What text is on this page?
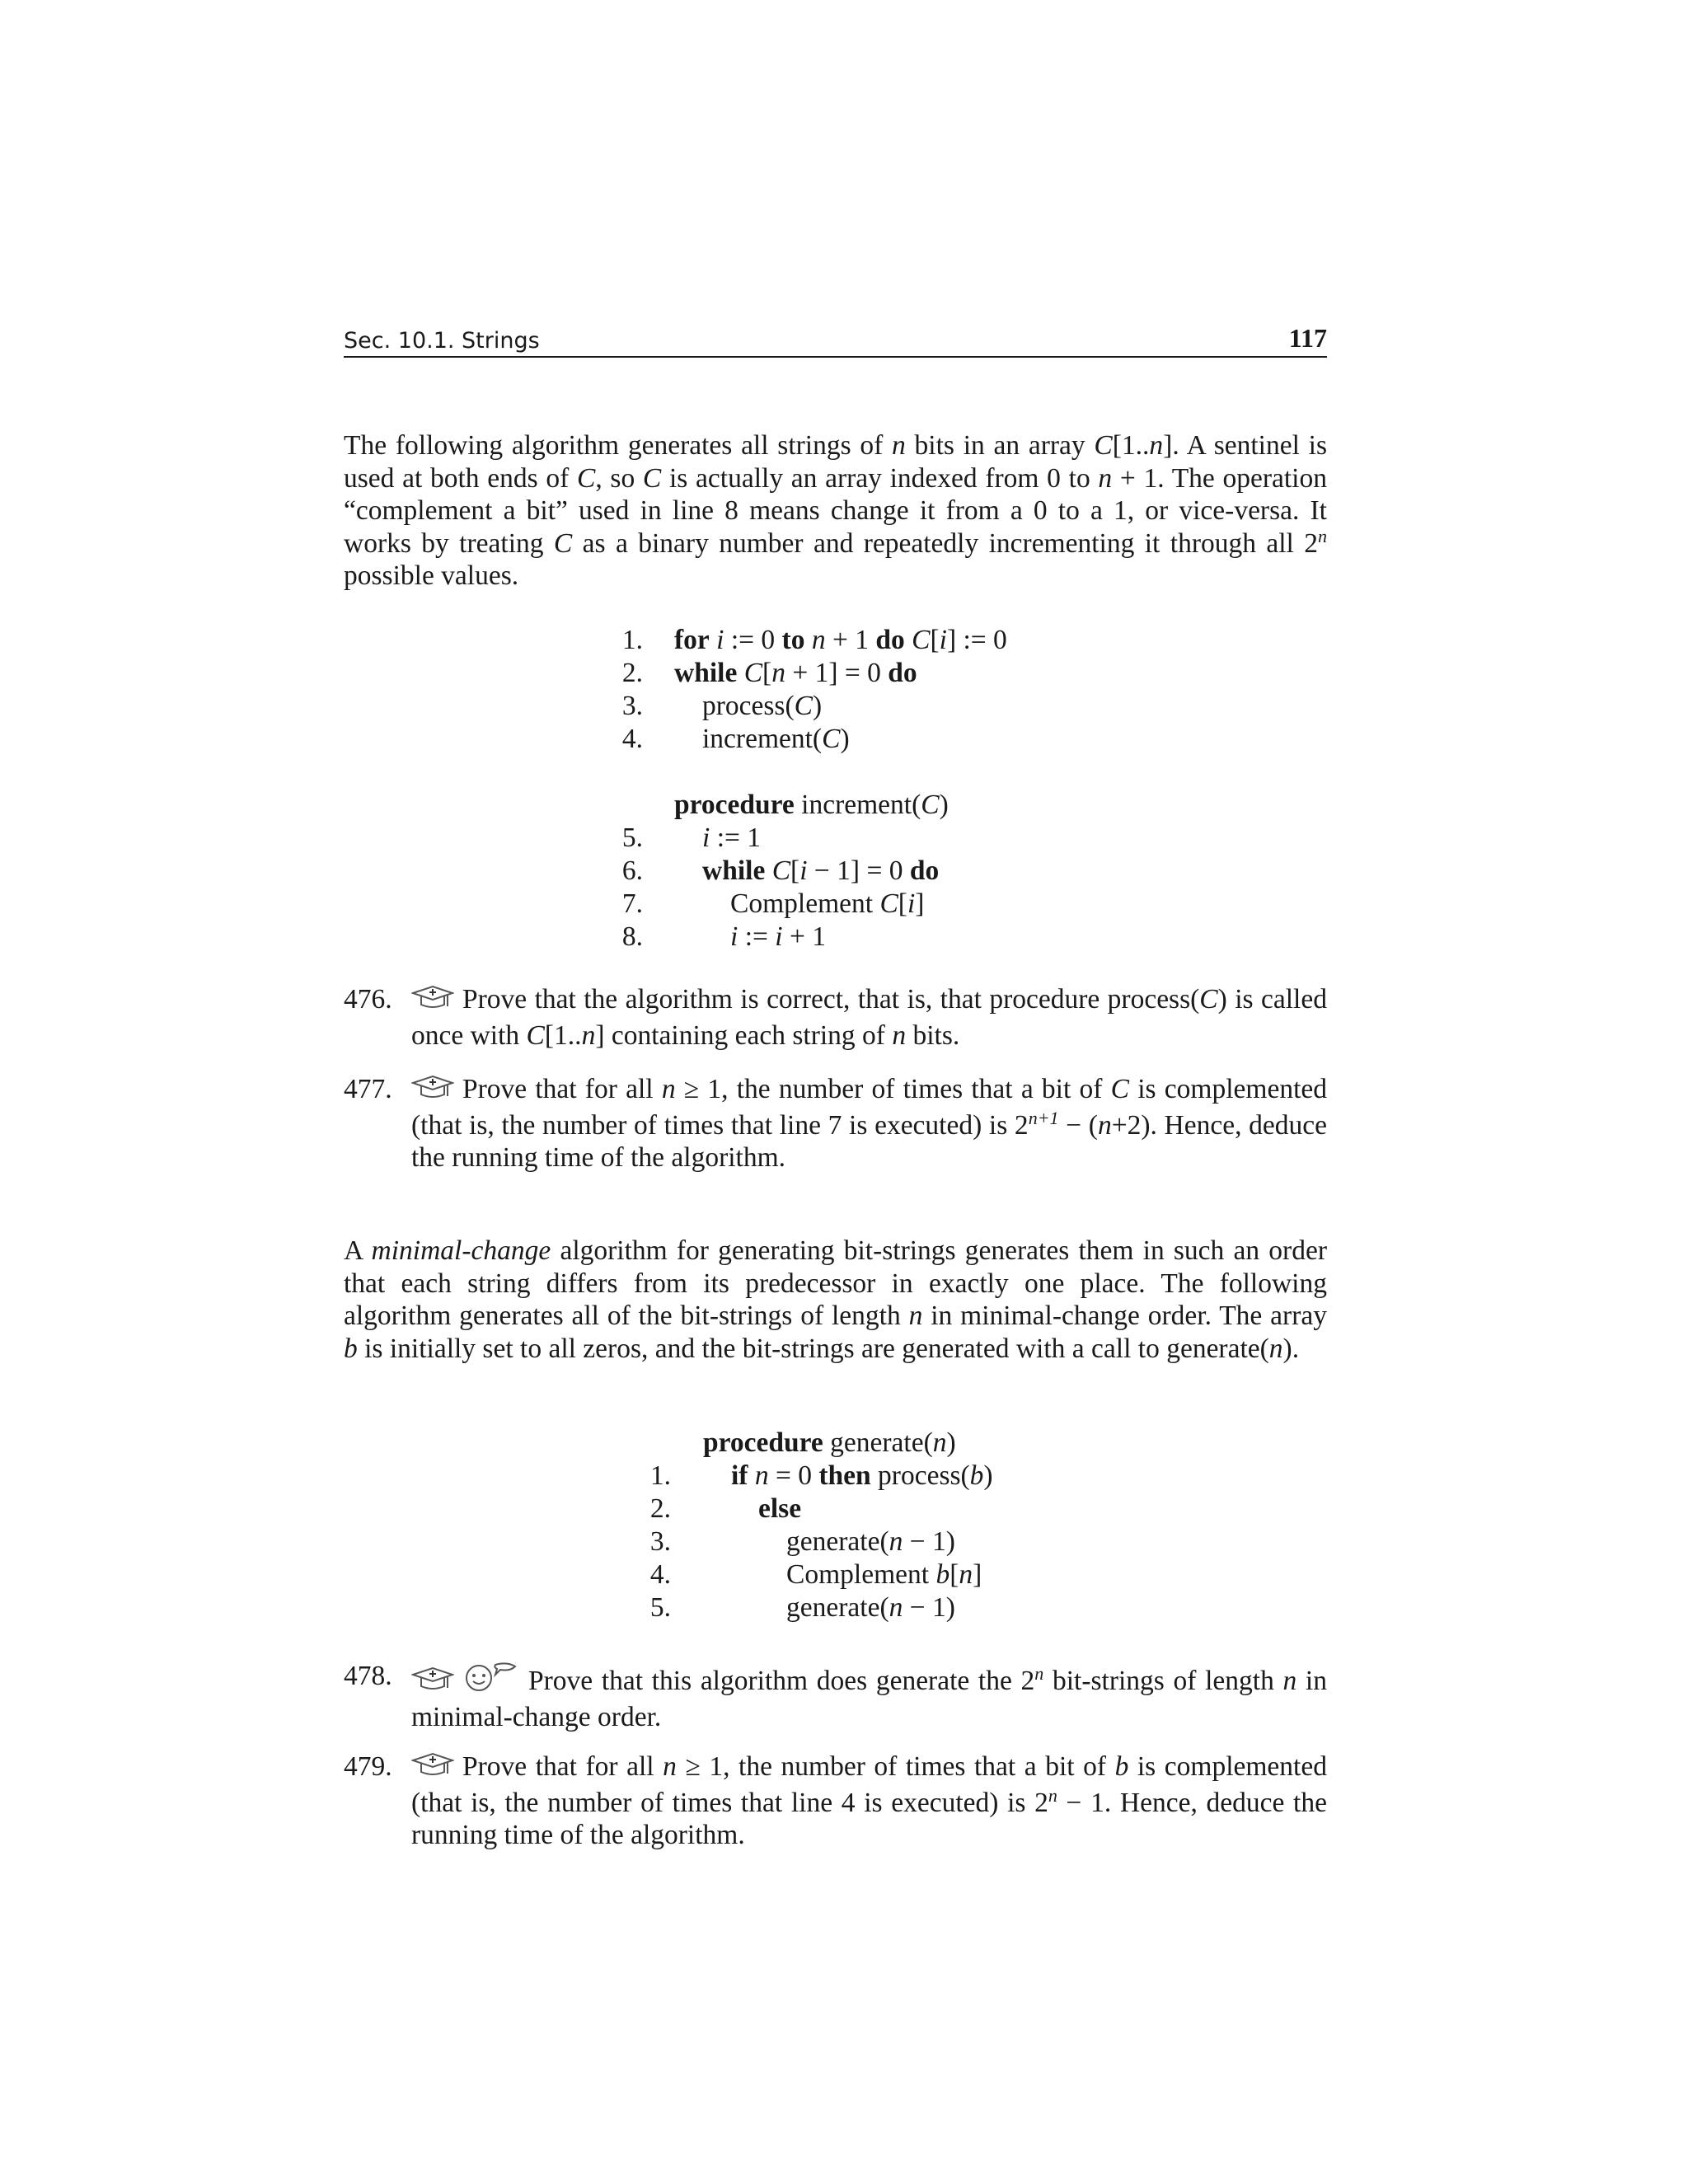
Sec. 10.1. Strings	117

The following algorithm generates all strings of n bits in an array C[1..n]. A sentinel is used at both ends of C, so C is actually an array indexed from 0 to n + 1. The operation “complement a bit” used in line 8 means change it from a 0 to a 1, or vice-versa. It works by treating C as a binary number and repeatedly incrementing it through all 2$^n$ possible values.

1. for i := 0 to n + 1 do C[i] := 0
2. while C[n + 1] = 0 do
3. process(C)
4. increment(C)
procedure increment(C)
5. i := 1
6. while C[i − 1] = 0 do
7.	Complement C[i]
8.	i := i + 1
476.	Prove that the algorithm is correct, that is, that procedure process(C) is called once with C[1..n] containing each string of n bits.
477.	Prove that for all n ≥ 1, the number of times that a bit of C is complemented (that is, the number of times that line 7 is executed) is $2^{n+1} - (n+2)$. Hence, deduce the running time of the algorithm.

A minimal-change algorithm for generating bit-strings generates them in such an order that each string differs from its predecessor in exactly one place. The following algorithm generates all of the bit-strings of length n in minimal-change order. The array b is initially set to all zeros, and the bit-strings are generated with a call to generate(n).

procedure generate(n)
1. if n = 0 then process(b)
2.	else
3.	generate(n − 1)
4.	Complement b[n]
5.	generate(n − 1)
478.	Prove that this algorithm does generate the 2$^n$ bit-strings of length n in minimal-change order.
479.	Prove that for all n ≥ 1, the number of times that a bit of b is complemented (that is, the number of times that line 4 is executed) is $2^n - 1$. Hence, deduce the running time of the algorithm.
